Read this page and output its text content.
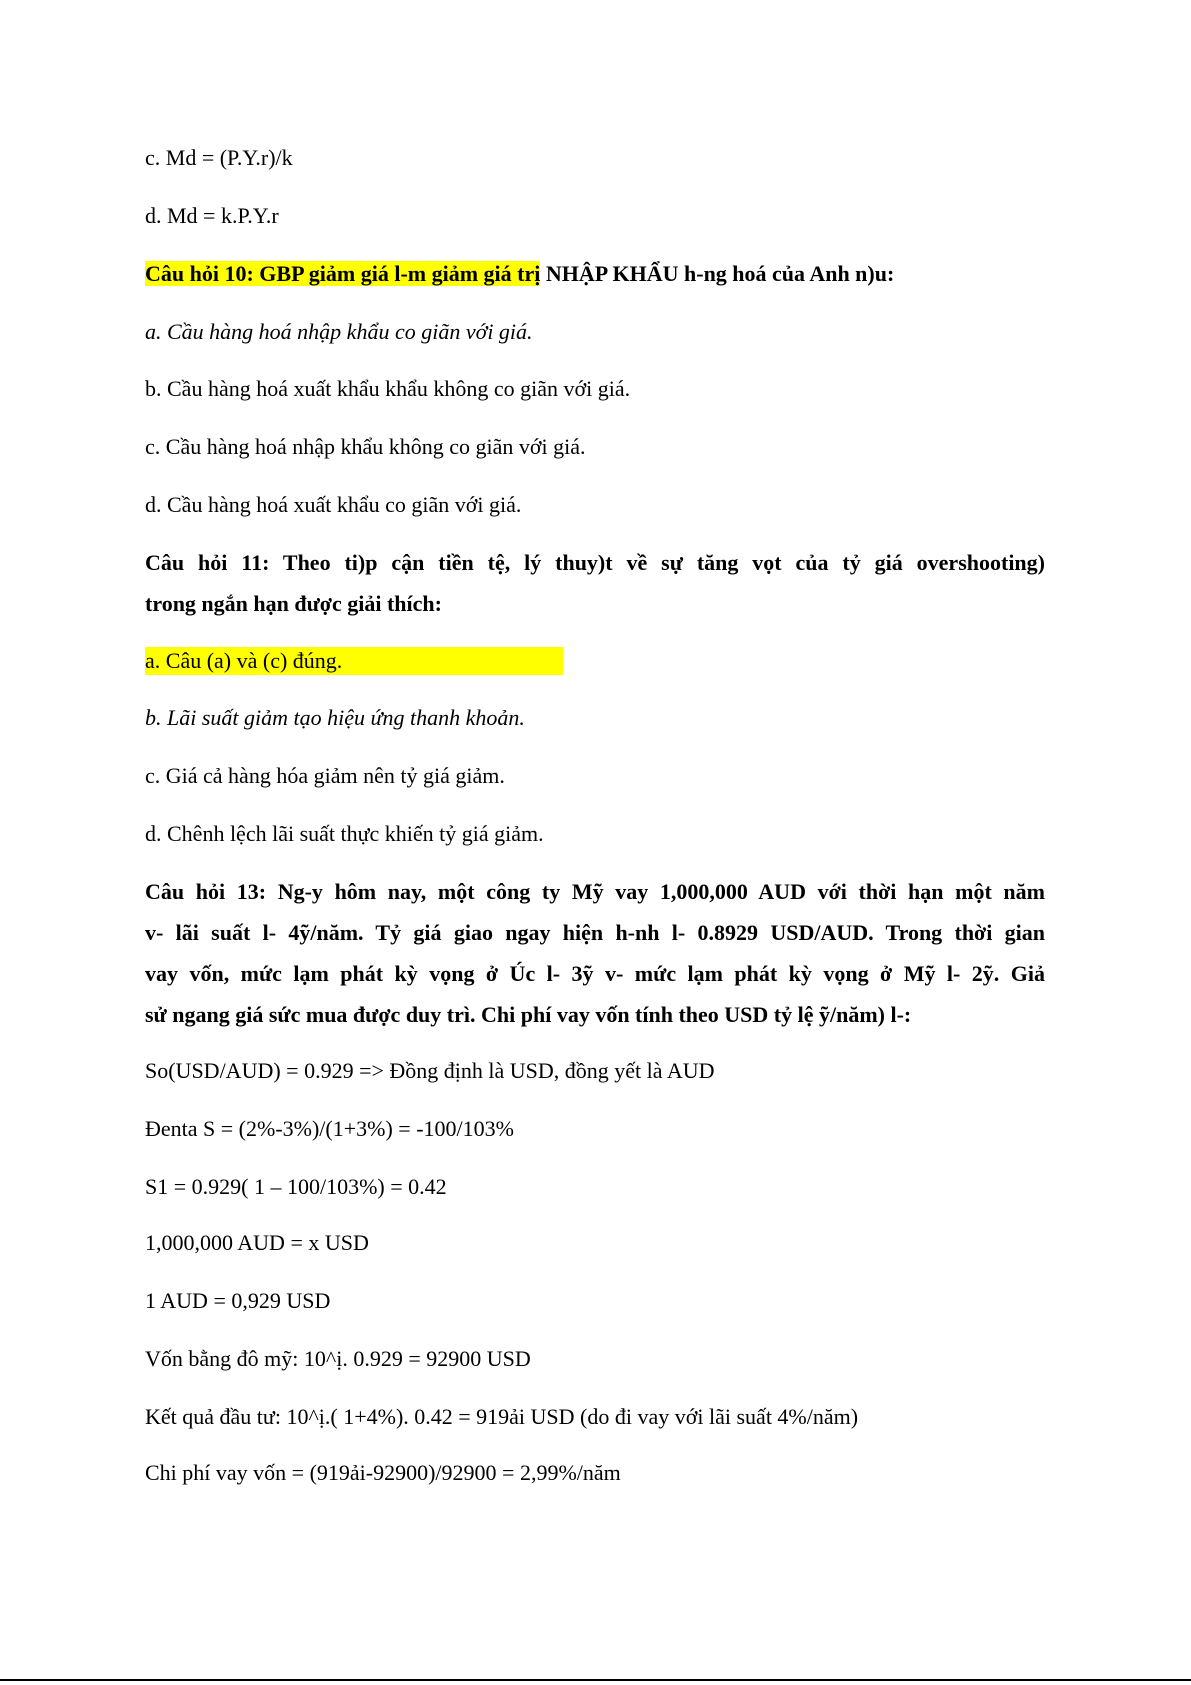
c. Md = (P.Y.r)/k
d. Md = k.P.Y.r
Câu hỏi 10: GBP giảm giá l-m giảm giá trị NHẬP KHẨU h-ng hoá của Anh n)u:
a. Cầu hàng hoá nhập khẩu co giãn với giá.
b. Cầu hàng hoá xuất khẩu khẩu không co giãn với giá.
c. Cầu hàng hoá nhập khẩu không co giãn với giá.
d. Cầu hàng hoá xuất khẩu co giãn với giá.
Câu hỏi 11: Theo ti)p cận tiền tệ, lý thuy)t về sự tăng vọt của tỷ giá overshooting)
trong ngắn hạn được giải thích:
a. Câu (a) và (c) đúng.
b. Lãi suất giảm tạo hiệu ứng thanh khoản.
c. Giá cả hàng hóa giảm nên tỷ giá giảm.
d. Chênh lệch lãi suất thực khiến tỷ giá giảm.
Câu hỏi 13: Ng-y hôm nay, một công ty Mỹ vay 1,000,000 AUD với thời hạn một năm
v- lãi suất l- 4ỹ/năm. Tỷ giá giao ngay hiện h-nh l- 0.8929 USD/AUD. Trong thời gian
vay vốn, mức lạm phát kỳ vọng ở Úc l- 3ỹ v- mức lạm phát kỳ vọng ở Mỹ l- 2ỹ. Giả
sử ngang giá sức mua được duy trì. Chi phí vay vốn tính theo USD tỷ lệ ỹ/năm) l-:
So(USD/AUD) = 0.929 => Đồng định là USD, đồng yết là AUD
Đenta S = (2%-3%)/(1+3%) = -100/103%
S1 = 0.929( 1 – 100/103%) = 0.42
1,000,000 AUD = x USD
1 AUD = 0,929 USD
Vốn bằng đô mỹ: 10^ị. 0.929 = 92900 USD
Kết quả đầu tư: 10^ị.( 1+4%). 0.42 = 919ải USD (do đi vay với lãi suất 4%/năm)
Chi phí vay vốn = (919ải-92900)/92900 = 2,99%/năm
